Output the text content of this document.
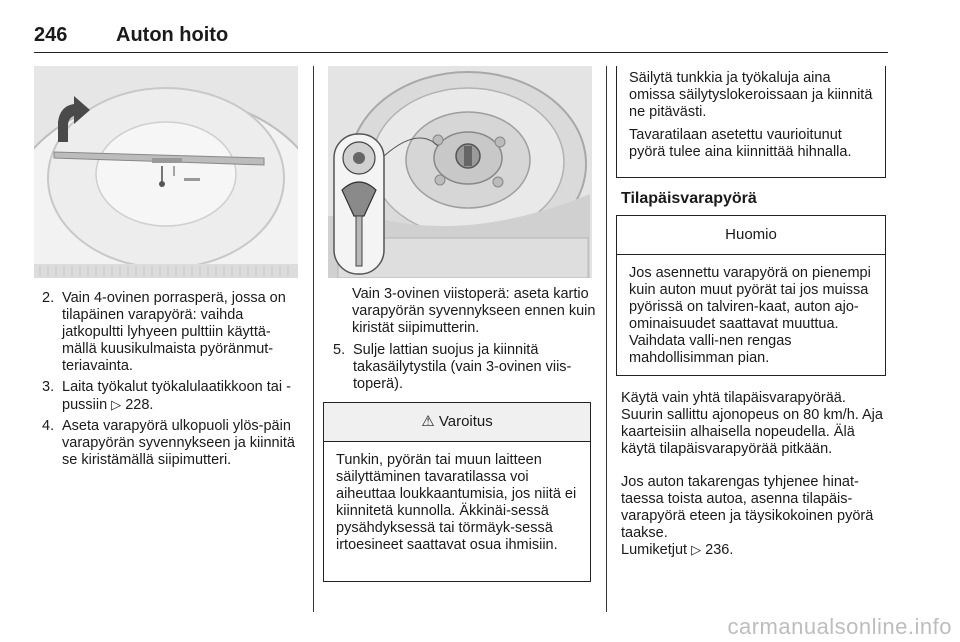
246 Auton hoito
2. Vain 4-ovinen porrasperä, jossa on tilapäinen varapyörä: vaihda jatkopultti lyhyeen pulttiin käyttä-mällä kuusikulmaista pyöränmut-teriavainta.
3. Laita työkalut työkalulaatikkoon tai -pussiin ▷ 228.
4. Aseta varapyörä ulkopuoli ylös-päin varapyörän syvennykseen ja kiinnitä se kiristämällä siipimutteri.

Vain 3-ovinen viistoperä: aseta kartio varapyörän syvennykseen ennen kuin kiristät siipimutterin.

5. Sulje lattian suojus ja kiinnitä takasäilytystila (vain 3-ovinen viis-toperä).
⚠ Varoitus

Tunkin, pyörän tai muun laitteen säilyttäminen tavaratilassa voi aiheuttaa loukkaantumisia, jos niitä ei kiinnitetä kunnolla. Äkkinäi-sessä pysähdyksessä tai törmäyk-sessä irtoesineet saattavat osua ihmisiin.

Säilytä tunkkia ja työkaluja aina omissa säilytyslokeroissaan ja kiinnitä ne pitävästi.

Tavaratilaan asetettu vaurioitunut pyörä tulee aina kiinnittää hihnalla.

Tilapäisvarapyörä
Huomio

Jos asennettu varapyörä on pienempi kuin auton muut pyörät tai jos muissa pyörissä on talviren-kaat, auton ajo-ominaisuudet saattavat muuttua. Vaihdata valli-nen rengas mahdollisimman pian.

Käytä vain yhtä tilapäisvarapyörää. Suurin sallittu ajonopeus on 80 km/h. Aja kaarteisiin alhaisella nopeudella. Älä käytä tilapäisvarapyörää pitkään.

Jos auton takarengas tyhjenee hinat-taessa toista autoa, asenna tilapäis-varapyörä eteen ja täysikokoinen pyörä taakse.

Lumiketjut ▷ 236.

carmanualsonline.info
